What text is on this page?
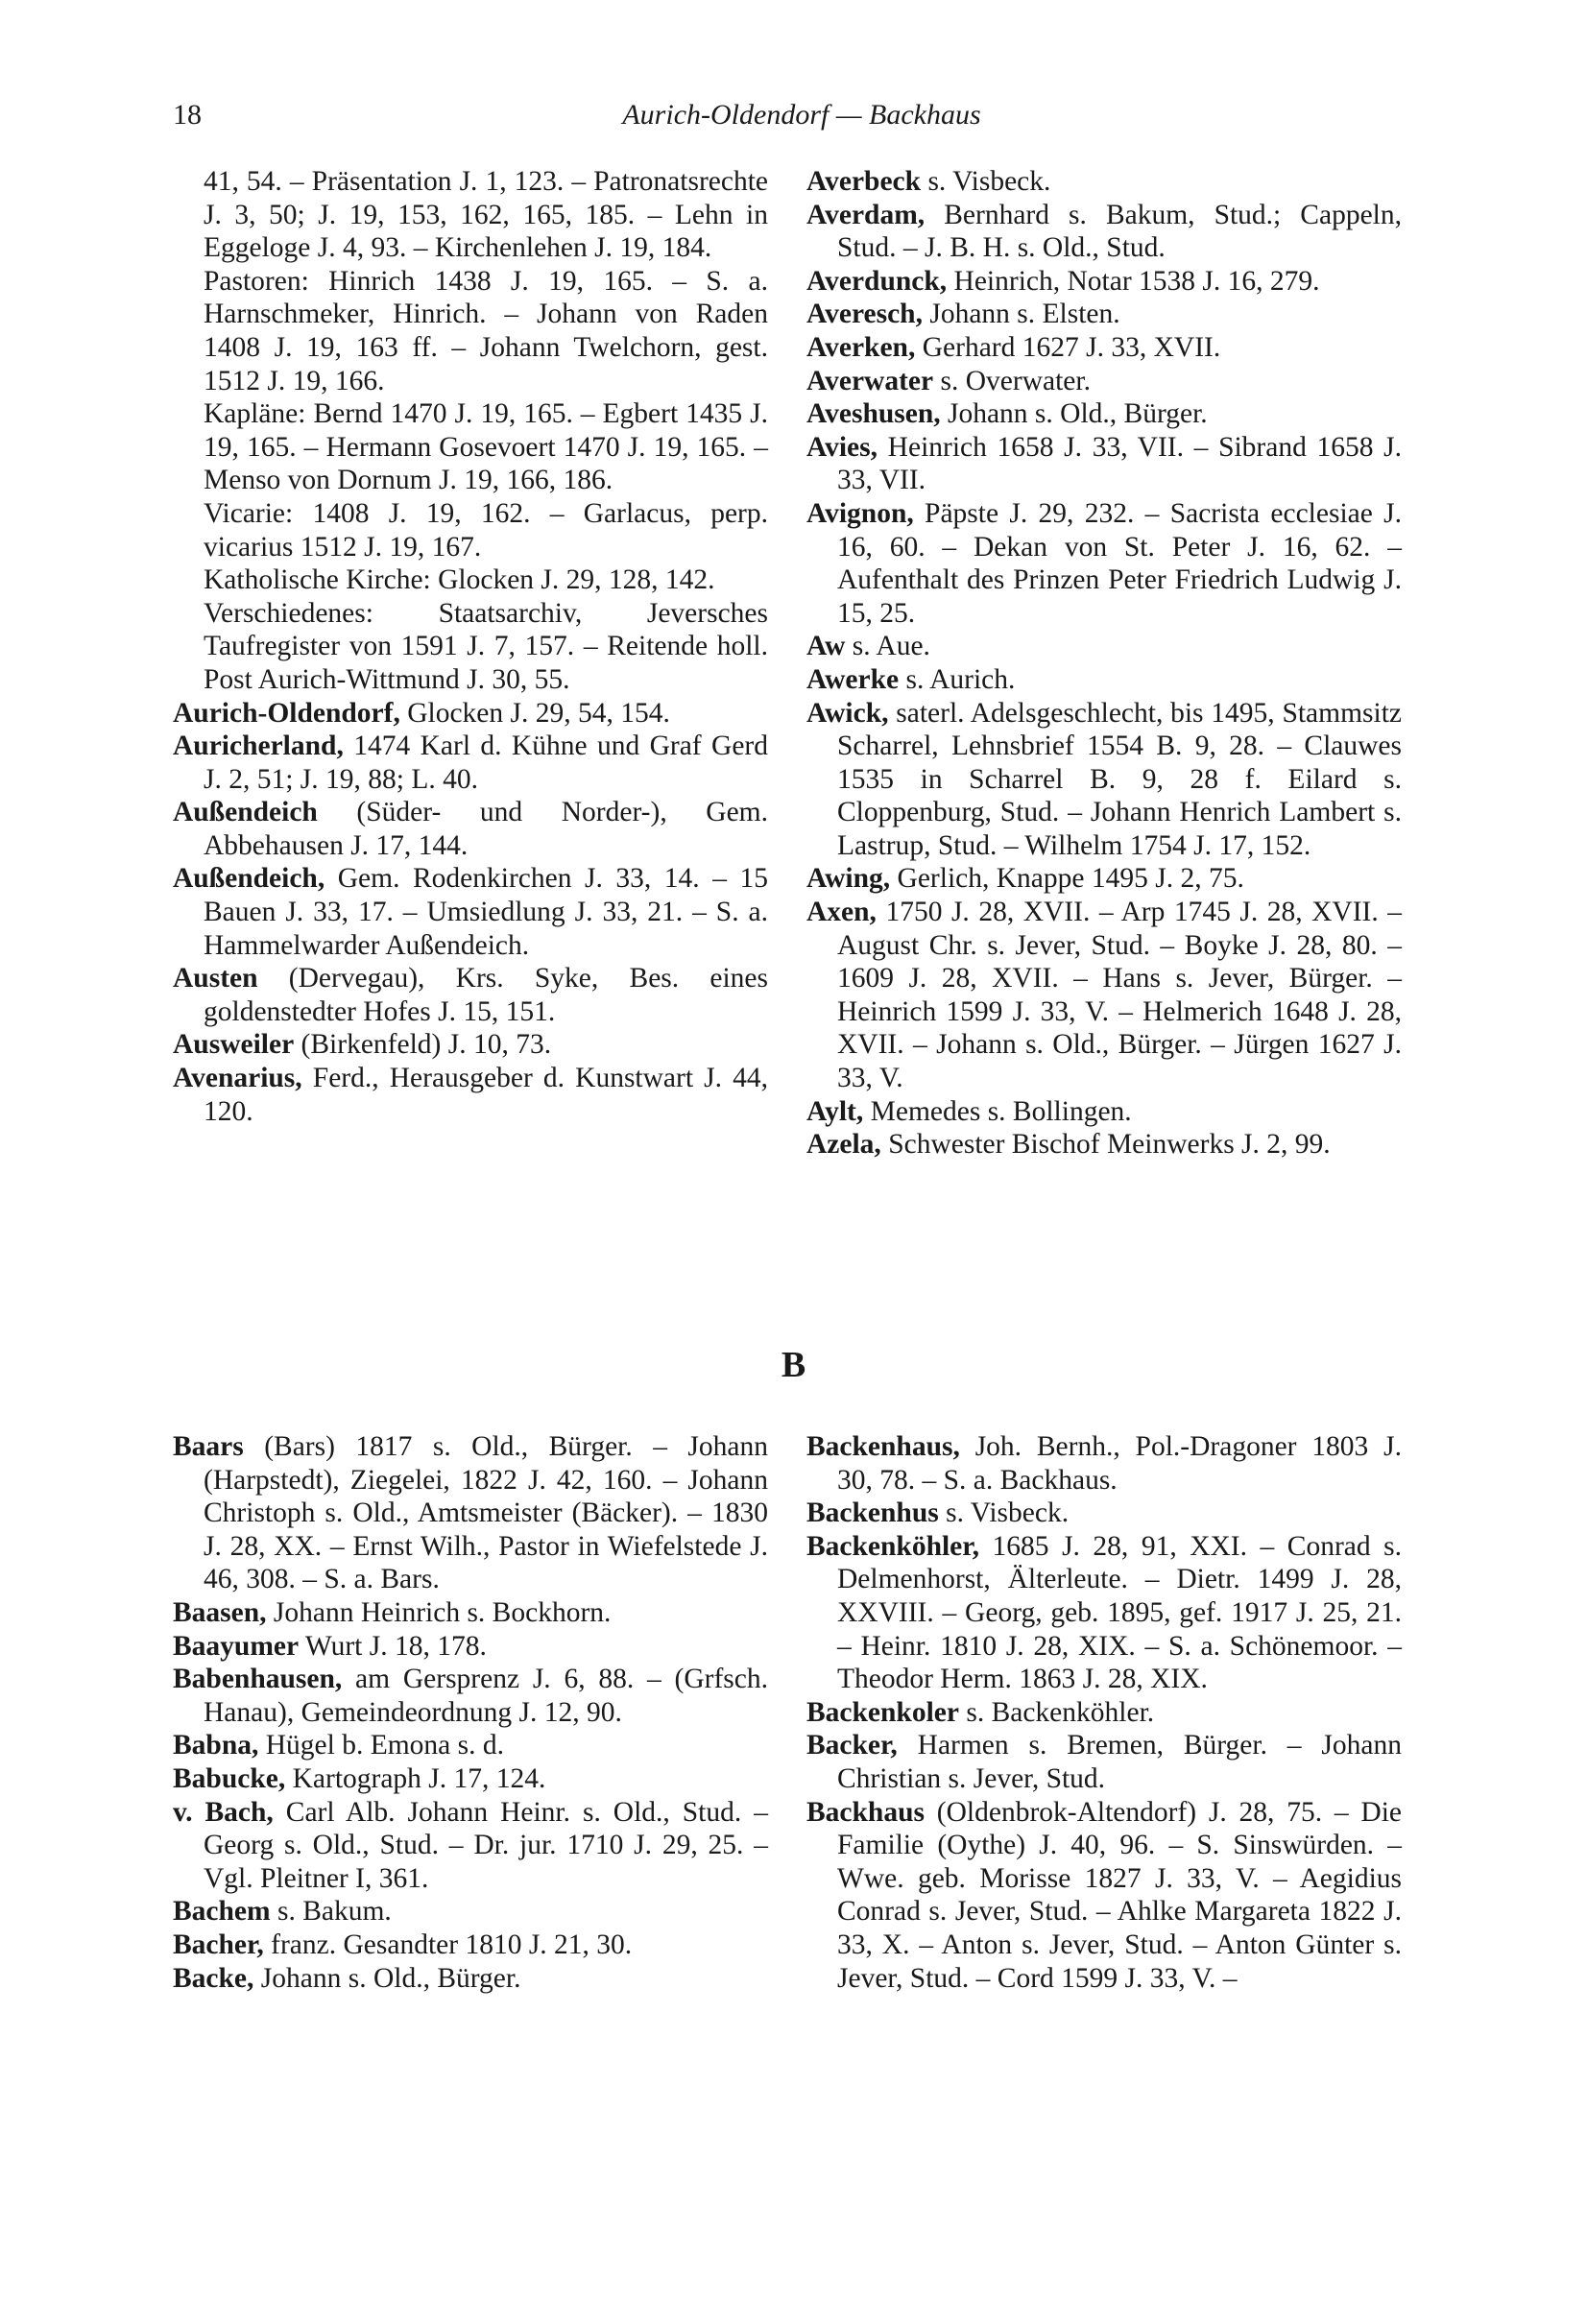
18	Aurich-Oldendorf — Backhaus

41, 54. – Präsentation J. 1, 123. – Patronatsrechte J. 3, 50; J. 19, 153, 162, 165, 185. – Lehn in Eggeloge J. 4, 93. – Kirchenlehen J. 19, 184.

Pastoren: Hinrich 1438 J. 19, 165. – S. a. Harnschmeker, Hinrich. – Johann von Raden 1408 J. 19, 163 ff. – Johann Twelchorn, gest. 1512 J. 19, 166.

Kapläne: Bernd 1470 J. 19, 165. – Egbert 1435 J. 19, 165. – Hermann Gosevoert 1470 J. 19, 165. – Menso von Dornum J. 19, 166, 186.

Vicarie: 1408 J. 19, 162. – Garlacus, perp. vicarius 1512 J. 19, 167.

Katholische Kirche: Glocken J. 29, 128, 142.

Verschiedenes: Staatsarchiv, Jeversches Taufregister von 1591 J. 7, 157. – Reitende holl. Post Aurich-Wittmund J. 30, 55.

Aurich-Oldendorf, Glocken J. 29, 54, 154.

Auricherland, 1474 Karl d. Kühne und Graf Gerd J. 2, 51; J. 19, 88; L. 40.

Außendeich (Süder- und Norder-), Gem. Abbehausen J. 17, 144.

Außendeich, Gem. Rodenkirchen J. 33, 14. – 15 Bauen J. 33, 17. – Umsiedlung J. 33, 21. – S. a. Hammelwarder Außendeich.

Austen (Dervegau), Krs. Syke, Bes. eines goldenstedter Hofes J. 15, 151.

Ausweiler (Birkenfeld) J. 10, 73.

Avenarius, Ferd., Herausgeber d. Kunstwart J. 44, 120.

Averbeck s. Visbeck.

Averdam, Bernhard s. Bakum, Stud.; Cappeln, Stud. – J. B. H. s. Old., Stud.

Averdunck, Heinrich, Notar 1538 J. 16, 279.

Averesch, Johann s. Elsten.

Averken, Gerhard 1627 J. 33, XVII.

Averwater s. Overwater.

Aveshusen, Johann s. Old., Bürger.

Avies, Heinrich 1658 J. 33, VII. – Sibrand 1658 J. 33, VII.

Avignon, Päpste J. 29, 232. – Sacrista ecclesiae J. 16, 60. – Dekan von St. Peter J. 16, 62. – Aufenthalt des Prinzen Peter Friedrich Ludwig J. 15, 25.

Aw s. Aue.

Awerke s. Aurich.

Awick, saterl. Adelsgeschlecht, bis 1495, Stammsitz Scharrel, Lehnsbrief 1554 B. 9, 28. – Clauwes 1535 in Scharrel B. 9, 28 f. Eilard s. Cloppenburg, Stud. – Johann Henrich Lambert s. Lastrup, Stud. – Wilhelm 1754 J. 17, 152.

Awing, Gerlich, Knappe 1495 J. 2, 75.

Axen, 1750 J. 28, XVII. – Arp 1745 J. 28, XVII. – August Chr. s. Jever, Stud. – Boyke J. 28, 80. – 1609 J. 28, XVII. – Hans s. Jever, Bürger. – Heinrich 1599 J. 33, V. – Helmerich 1648 J. 28, XVII. – Johann s. Old., Bürger. – Jürgen 1627 J. 33, V.

Aylt, Memedes s. Bollingen.

Azela, Schwester Bischof Meinwerks J. 2, 99.

B

Baars (Bars) 1817 s. Old., Bürger. – Johann (Harpstedt), Ziegelei, 1822 J. 42, 160. – Johann Christoph s. Old., Amtsmeister (Bäcker). – 1830 J. 28, XX. – Ernst Wilh., Pastor in Wiefelstede J. 46, 308. – S. a. Bars.

Baasen, Johann Heinrich s. Bockhorn.

Baayumer Wurt J. 18, 178.

Babenhausen, am Gersprenz J. 6, 88. – (Grfsch. Hanau), Gemeindeordnung J. 12, 90.

Babna, Hügel b. Emona s. d.

Babucke, Kartograph J. 17, 124.

v. Bach, Carl Alb. Johann Heinr. s. Old., Stud. – Georg s. Old., Stud. – Dr. jur. 1710 J. 29, 25. – Vgl. Pleitner I, 361.

Bachem s. Bakum.

Bacher, franz. Gesandter 1810 J. 21, 30.

Backe, Johann s. Old., Bürger.

Backenhaus, Joh. Bernh., Pol.-Dragoner 1803 J. 30, 78. – S. a. Backhaus.

Backenhus s. Visbeck.

Backenköhler, 1685 J. 28, 91, XXI. – Conrad s. Delmenhorst, Älterleute. – Dietr. 1499 J. 28, XXVIII. – Georg, geb. 1895, gef. 1917 J. 25, 21. – Heinr. 1810 J. 28, XIX. – S. a. Schönemoor. – Theodor Herm. 1863 J. 28, XIX.

Backenkoler s. Backenköhler.

Backer, Harmen s. Bremen, Bürger. – Johann Christian s. Jever, Stud.

Backhaus (Oldenbrok-Altendorf) J. 28, 75. – Die Familie (Oythe) J. 40, 96. – S. Sinswürden. – Wwe. geb. Morisse 1827 J. 33, V. – Aegidius Conrad s. Jever, Stud. – Ahlke Margareta 1822 J. 33, X. – Anton s. Jever, Stud. – Anton Günter s. Jever, Stud. – Cord 1599 J. 33, V. –
